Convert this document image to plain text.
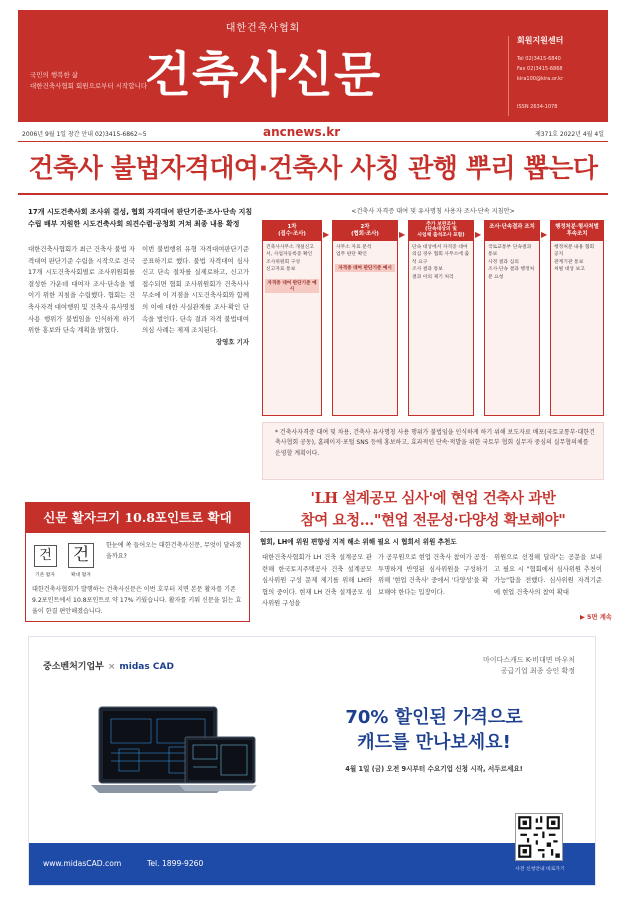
대한건축사협회
건축사신문
국민의 행복한 삶
대한건축사협회 회원으로부터 시작합니다
회원지원센터
Tel 02)3415-6840
Fax 02)3415-6868
kira100@kira.or.kr
ISSN 2634-1078
2006년 9월 1일 창간 안내 02)3415-6862~5	ancnews.kr	제371호 2022년 4월 4일
건축사 불법자격대여·건축사 사칭 관행 뿌리 뽑는다
17개 시도건축사회 조사위 결성, 협회 자격대여 판단기준·조사·단속 지침 수립 배부 지원한 시도건축사회 의견수렴·공청회 거쳐 최종 내용 확정
대한건축사협회가 최근 건축사 불법 자격대여 판단기준 수립을 시작으로 전국 17개 시도건축사회별로 조사위원회를 결성한 가운데 대여자 조사·단속을 벌이기 위한 지침을 수립했다. 협회는 건축사자격 대여행위 및 건축사 유사명칭 사용 행위가 불법임을 인식하게 하기 위한 홍보와 단속 계획을 밝혔다.
이번 불법행위 유형 자격대여판단기준 공표하기로 했다. 불법 자격대여 심사 신고 단속 절차를 실제로하고, 신고가 접수되면 협회 조사위원회가 건축사사무소에 이 겨점을 시도건축사회와 함께 의 이에 대한 사실관계를 조사·확인 단속을 벌인다. 단속 결과 자격 불법대여 의심 사례는 제재 조치된다.
장영호 기자
<건축사 자격증 대여 및 유사명칭 사용자 조사·단속 지침안>
1차
(접수·조사)
건축사사무소 개설신고서, 사업자등록증 확인
조사위원회 구성
신고자료 통보
자격증 대여 판단기준 예시
▶
2차
(협회·조사)
사무소 자료 분석
업무 판단 확인
자격증 대여 판단기준 예시
▶
추가 보완조사
(단속대상의 및
사업체 출석조사 포함)
단속 대상에서 자격증 대여 의심 경우 협회 사무소에 출석 요구
조사 결과 통보
결과 이의 제기 처리
▶
조사·단속결과 조치
국토교통부 단속결과 통보
사정 결과 심의
조사·단속 결과 행정처분 요청
▶
행정처분·형사처벌
후속조치
행정처분 내용 협회 공지
관계기관 통보
처벌 대상 보고
* 건축사자격증 대여 및 차용, 건축사 유사명칭 사용 행위가 불법임을 인식하게 하기 위해 보도자료 배포(국토교통부·대한건축사협회 공동), 홈페이지·포털 SNS 등에 홍보하고, 효과적인 단속·적발을 위한 국토부 협회 실무자 중심의 실무협의체를 운영할 계획이다.
'LH 설계공모 심사'에 현업 건축사 과반
참여 요청…"현업 전문성·다양성 확보해야"
협회, LH에 위원 편향성 지적 해소 위해 필요 시 협회서 위원 추천도
대한건축사협회가 LH 건축 설계공모 관련해 한국토지주택공사 건축 설계공모 심사위원 구성 문제 제기를 위해 LH와 협의 중이다. 현재 LH 건축 설계공모 심사위원 구성을
가 공무원으로 현업 건축사 참여가 공정·투명하게 반영된 심사위원을 구성하기 위해 '현업 건축사' 중에서 '다양성'을 확보해야 한다는 입장이다.
위원으로 선정해 달라"는 공문을 보내고 필요 시 "협회에서 심사위원 추천이 가능"함을 전했다. 심사위원 자격기준에 현업 건축사의 참여 확대
▶ 5면 계속
신문 활자크기 10.8포인트로 확대
건	건
기존 활자	확대 활자
한눈에 쏙 들어오는 대한건축사신문, 무엇이 달라졌을까요?
대한건축사협회가 발행하는 건축사신문은 이번 호부터 지면 본문 활자를 기존 9.2포인트에서 10.8포인트로 약 17% 키웠습니다. 활자를 키워 신문을 읽는 효율이 한결 편안해졌습니다.
중소벤처기업부 × midas CAD
마이다스캐드 K-비대면 바우처
공급기업 최종 승인 확정
70% 할인된 가격으로
캐드를 만나보세요!
4월 1일 (금) 오전 9시부터 수요기업 신청 시작, 서두르세요!
www.midasCAD.com	Tel. 1899-9260
사전 신청안내 바로가기
